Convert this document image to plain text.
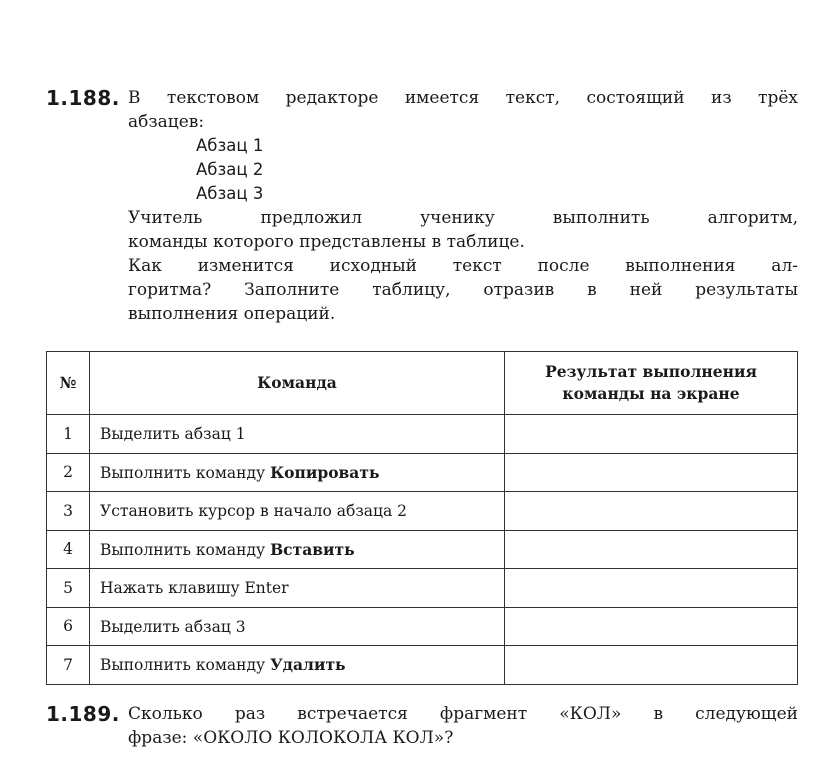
1.188. В текстовом редакторе имеется текст, состоящий из трёх
абзацев:
Абзац 1
Абзац 2
Абзац 3
Учитель предложил ученику выполнить алгоритм,
команды которого представлены в таблице.
Как изменится исходный текст после выполнения ал-
горитма? Заполните таблицу, отразив в ней результаты
выполнения операций.
№	Команда	Результат выполнения команды на экране
1	Выделить абзац 1	
2	Выполнить команду Копировать	
3	Установить курсор в начало абзаца 2	
4	Выполнить команду Вставить	
5	Нажать клавишу Enter	
6	Выделить абзац 3	
7	Выполнить команду Удалить	
1.189. Сколько раз встречается фрагмент «КОЛ» в следующей
фразе: «ОКОЛО КОЛОКОЛА КОЛ»?
